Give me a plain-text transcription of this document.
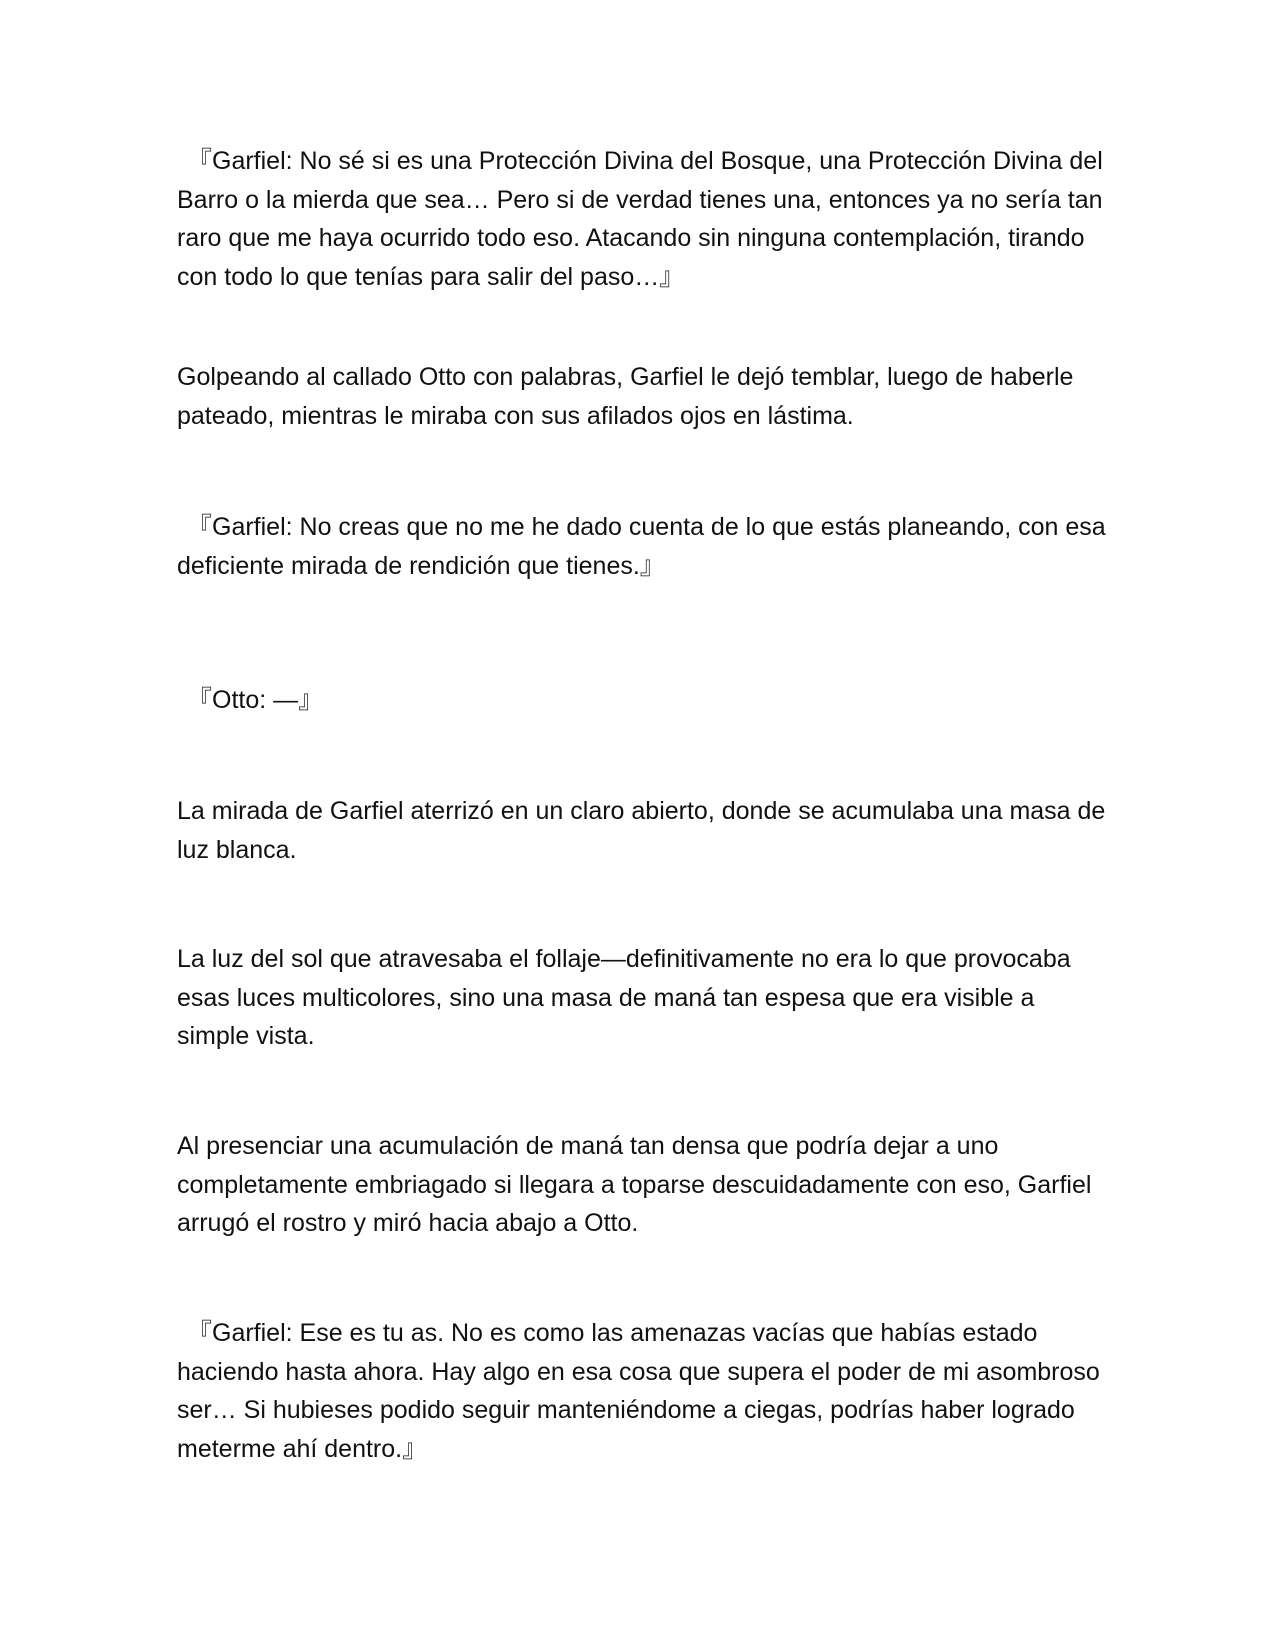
『Garfiel: No sé si es una Protección Divina del Bosque, una Protección Divina del Barro o la mierda que sea… Pero si de verdad tienes una, entonces ya no sería tan raro que me haya ocurrido todo eso. Atacando sin ninguna contemplación, tirando con todo lo que tenías para salir del paso…』

Golpeando al callado Otto con palabras, Garfiel le dejó temblar, luego de haberle pateado, mientras le miraba con sus afilados ojos en lástima.

『Garfiel: No creas que no me he dado cuenta de lo que estás planeando, con esa deficiente mirada de rendición que tienes.』

『Otto: —』

La mirada de Garfiel aterrizó en un claro abierto, donde se acumulaba una masa de luz blanca.

La luz del sol que atravesaba el follaje—definitivamente no era lo que provocaba esas luces multicolores, sino una masa de maná tan espesa que era visible a simple vista.

Al presenciar una acumulación de maná tan densa que podría dejar a uno completamente embriagado si llegara a toparse descuidadamente con eso, Garfiel arrugó el rostro y miró hacia abajo a Otto.

『Garfiel: Ese es tu as. No es como las amenazas vacías que habías estado haciendo hasta ahora. Hay algo en esa cosa que supera el poder de mi asombroso ser… Si hubieses podido seguir manteniéndome a ciegas, podrías haber logrado meterme ahí dentro.』
